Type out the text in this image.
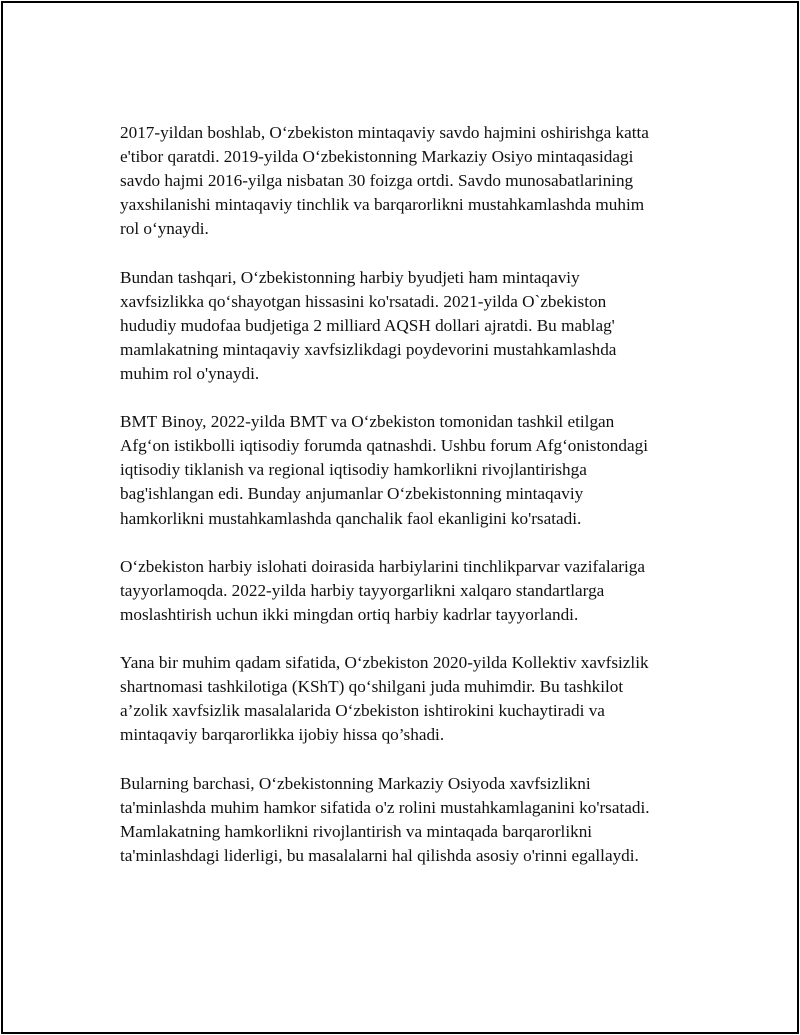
2017-yildan boshlab, O‘zbekiston mintaqaviy savdo hajmini oshirishga katta
e'tibor qaratdi. 2019-yilda O‘zbekistonning Markaziy Osiyo mintaqasidagi
savdo hajmi 2016-yilga nisbatan 30 foizga ortdi. Savdo munosabatlarining
yaxshilanishi mintaqaviy tinchlik va barqarorlikni mustahkamlashda muhim
rol o‘ynaydi.

Bundan tashqari, O‘zbekistonning harbiy byudjeti ham mintaqaviy
xavfsizlikka qo‘shayotgan hissasini ko'rsatadi. 2021-yilda O`zbekiston
hududiy mudofaa budjetiga 2 milliard AQSH dollari ajratdi. Bu mablag'
mamlakatning mintaqaviy xavfsizlikdagi poydevorini mustahkamlashda
muhim rol o'ynaydi.

BMT Binoy, 2022-yilda BMT va O‘zbekiston tomonidan tashkil etilgan
Afg‘on istikbolli iqtisodiy forumda qatnashdi. Ushbu forum Afg‘onistondagi
iqtisodiy tiklanish va regional iqtisodiy hamkorlikni rivojlantirishga
bag'ishlangan edi. Bunday anjumanlar O‘zbekistonning mintaqaviy
hamkorlikni mustahkamlashda qanchalik faol ekanligini ko'rsatadi.

O‘zbekiston harbiy islohati doirasida harbiylarini tinchlikparvar vazifalariga
tayyorlamoqda. 2022-yilda harbiy tayyorgarlikni xalqaro standartlarga
moslashtirish uchun ikki mingdan ortiq harbiy kadrlar tayyorlandi.

Yana bir muhim qadam sifatida, O‘zbekiston 2020-yilda Kollektiv xavfsizlik
shartnomasi tashkilotiga (KShT) qo‘shilgani juda muhimdir. Bu tashkilot
a’zolik xavfsizlik masalalarida O‘zbekiston ishtirokini kuchaytiradi va
mintaqaviy barqarorlikka ijobiy hissa qo’shadi.

Bularning barchasi, O‘zbekistonning Markaziy Osiyoda xavfsizlikni
ta'minlashda muhim hamkor sifatida o'z rolini mustahkamlaganini ko'rsatadi.
Mamlakatning hamkorlikni rivojlantirish va mintaqada barqarorlikni
ta'minlashdagi liderligi, bu masalalarni hal qilishda asosiy o'rinni egallaydi.
